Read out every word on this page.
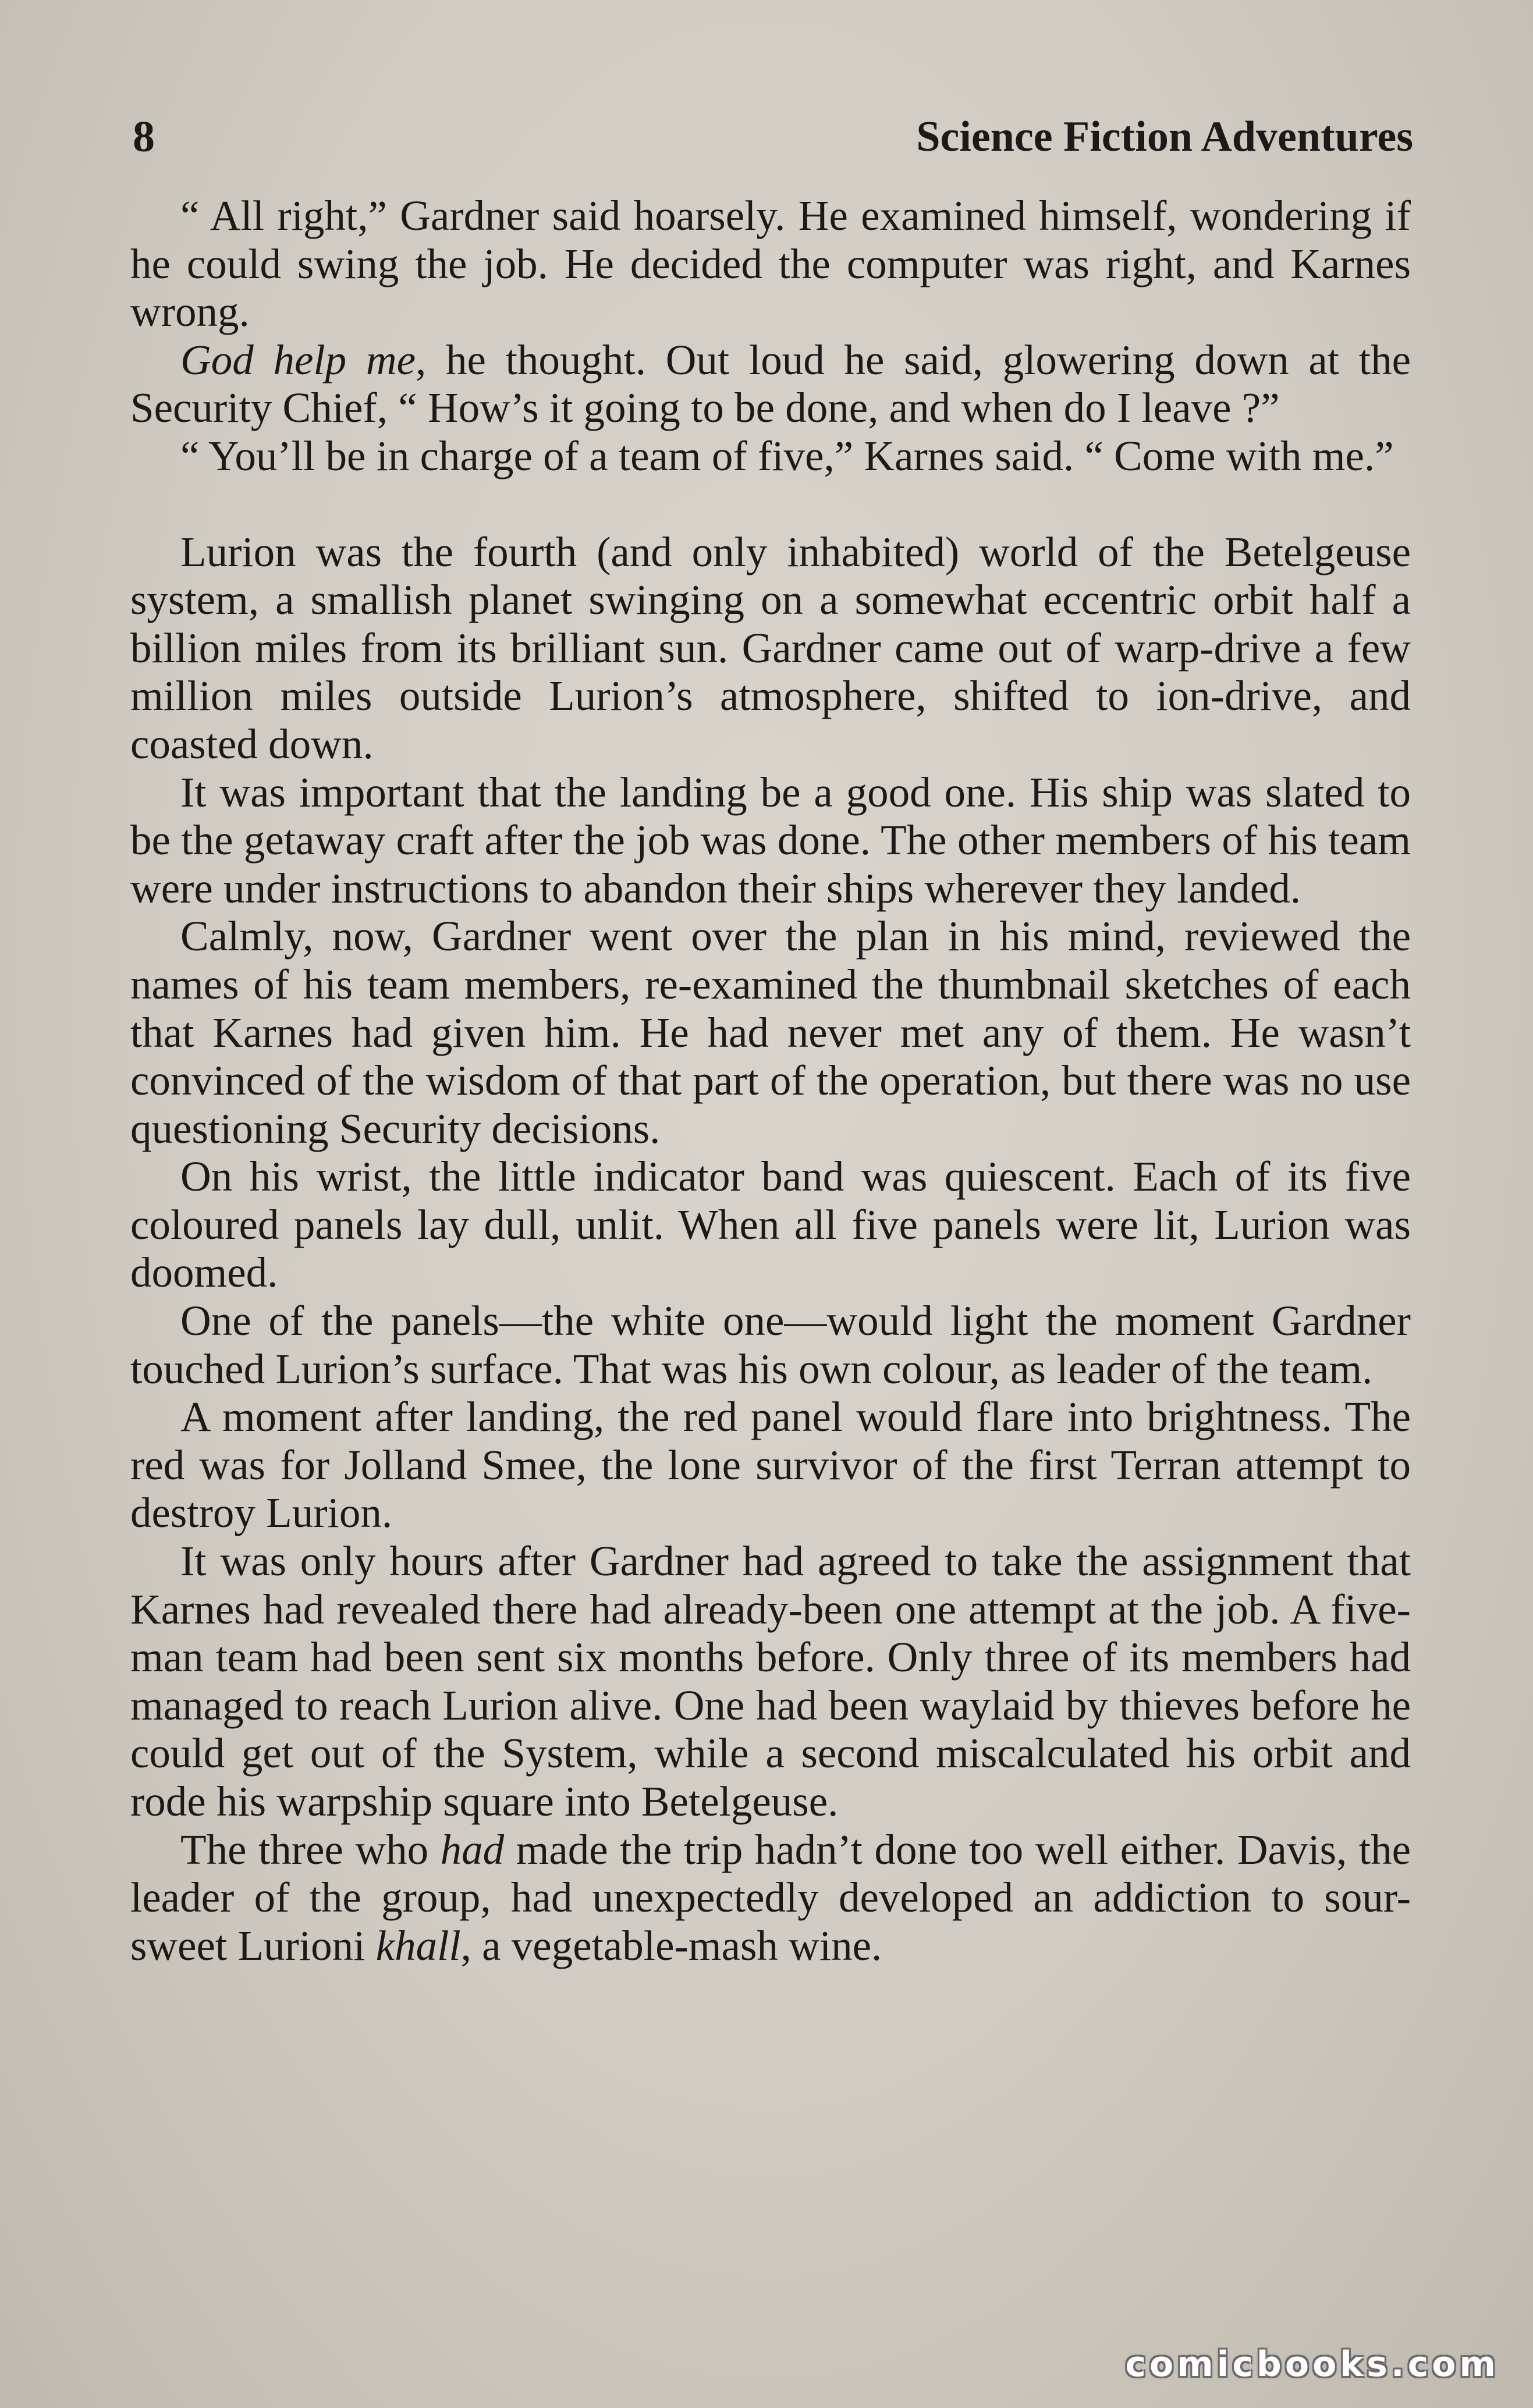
8	Science Fiction Adventures

“ All right,” Gardner said hoarsely. He examined himself, wondering if he could swing the job. He decided the computer was right, and Karnes wrong.

God help me, he thought. Out loud he said, glowering down at the Security Chief, “ How’s it going to be done, and when do I leave ?”

“ You’ll be in charge of a team of five,” Karnes said. “ Come with me.”

Lurion was the fourth (and only inhabited) world of the Betelgeuse system, a smallish planet swinging on a somewhat eccentric orbit half a billion miles from its brilliant sun. Gardner came out of warp-drive a few million miles outside Lurion’s atmosphere, shifted to ion-drive, and coasted down.

It was important that the landing be a good one. His ship was slated to be the getaway craft after the job was done. The other members of his team were under instructions to abandon their ships wherever they landed.

Calmly, now, Gardner went over the plan in his mind, reviewed the names of his team members, re-examined the thumbnail sketches of each that Karnes had given him. He had never met any of them. He wasn’t convinced of the wisdom of that part of the operation, but there was no use questioning Security decisions.

On his wrist, the little indicator band was quiescent. Each of its five coloured panels lay dull, unlit. When all five panels were lit, Lurion was doomed.

One of the panels—the white one—would light the moment Gardner touched Lurion’s surface. That was his own colour, as leader of the team.

A moment after landing, the red panel would flare into brightness. The red was for Jolland Smee, the lone survivor of the first Terran attempt to destroy Lurion.

It was only hours after Gardner had agreed to take the assignment that Karnes had revealed there had already-been one attempt at the job. A five-man team had been sent six months before. Only three of its members had managed to reach Lurion alive. One had been waylaid by thieves before he could get out of the System, while a second miscalculated his orbit and rode his warpship square into Betelgeuse.

The three who had made the trip hadn’t done too well either. Davis, the leader of the group, had unexpectedly developed an addiction to sour-sweet Lurioni khall, a vegetable-mash wine.

comicbooks.com
